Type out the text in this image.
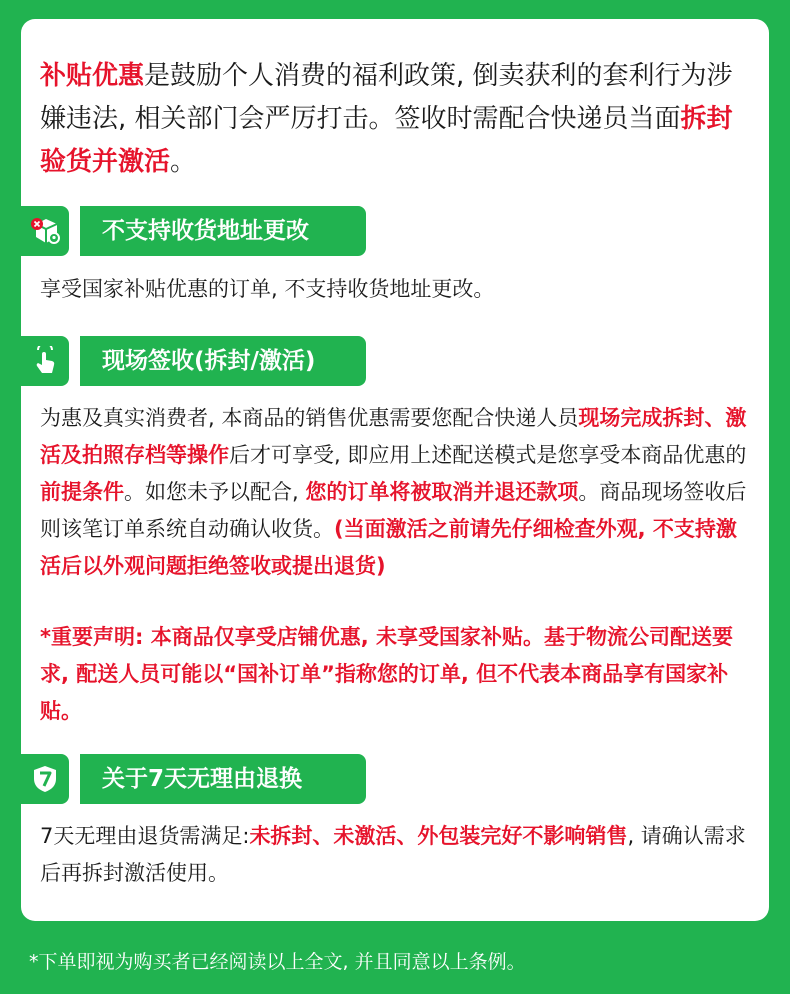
补贴优惠是鼓励个人消费的福利政策, 倒卖获利的套利行为涉嫌违法, 相关部门会严厉打击。签收时需配合快递员当面拆封验货并激活。

不支持收货地址更改

享受国家补贴优惠的订单, 不支持收货地址更改。

现场签收(拆封/激活)

为惠及真实消费者, 本商品的销售优惠需要您配合快递人员现场完成拆封、激活及拍照存档等操作后才可享受, 即应用上述配送模式是您享受本商品优惠的前提条件。如您未予以配合, 您的订单将被取消并退还款项。商品现场签收后则该笔订单系统自动确认收货。(当面激活之前请先仔细检查外观, 不支持激活后以外观问题拒绝签收或提出退货)

*重要声明: 本商品仅享受店铺优惠, 未享受国家补贴。基于物流公司配送要求, 配送人员可能以“国补订单”指称您的订单, 但不代表本商品享有国家补贴。

关于7天无理由退换

7天无理由退货需满足:未拆封、未激活、外包装完好不影响销售, 请确认需求后再拆封激活使用。

*下单即视为购买者已经阅读以上全文, 并且同意以上条例。
